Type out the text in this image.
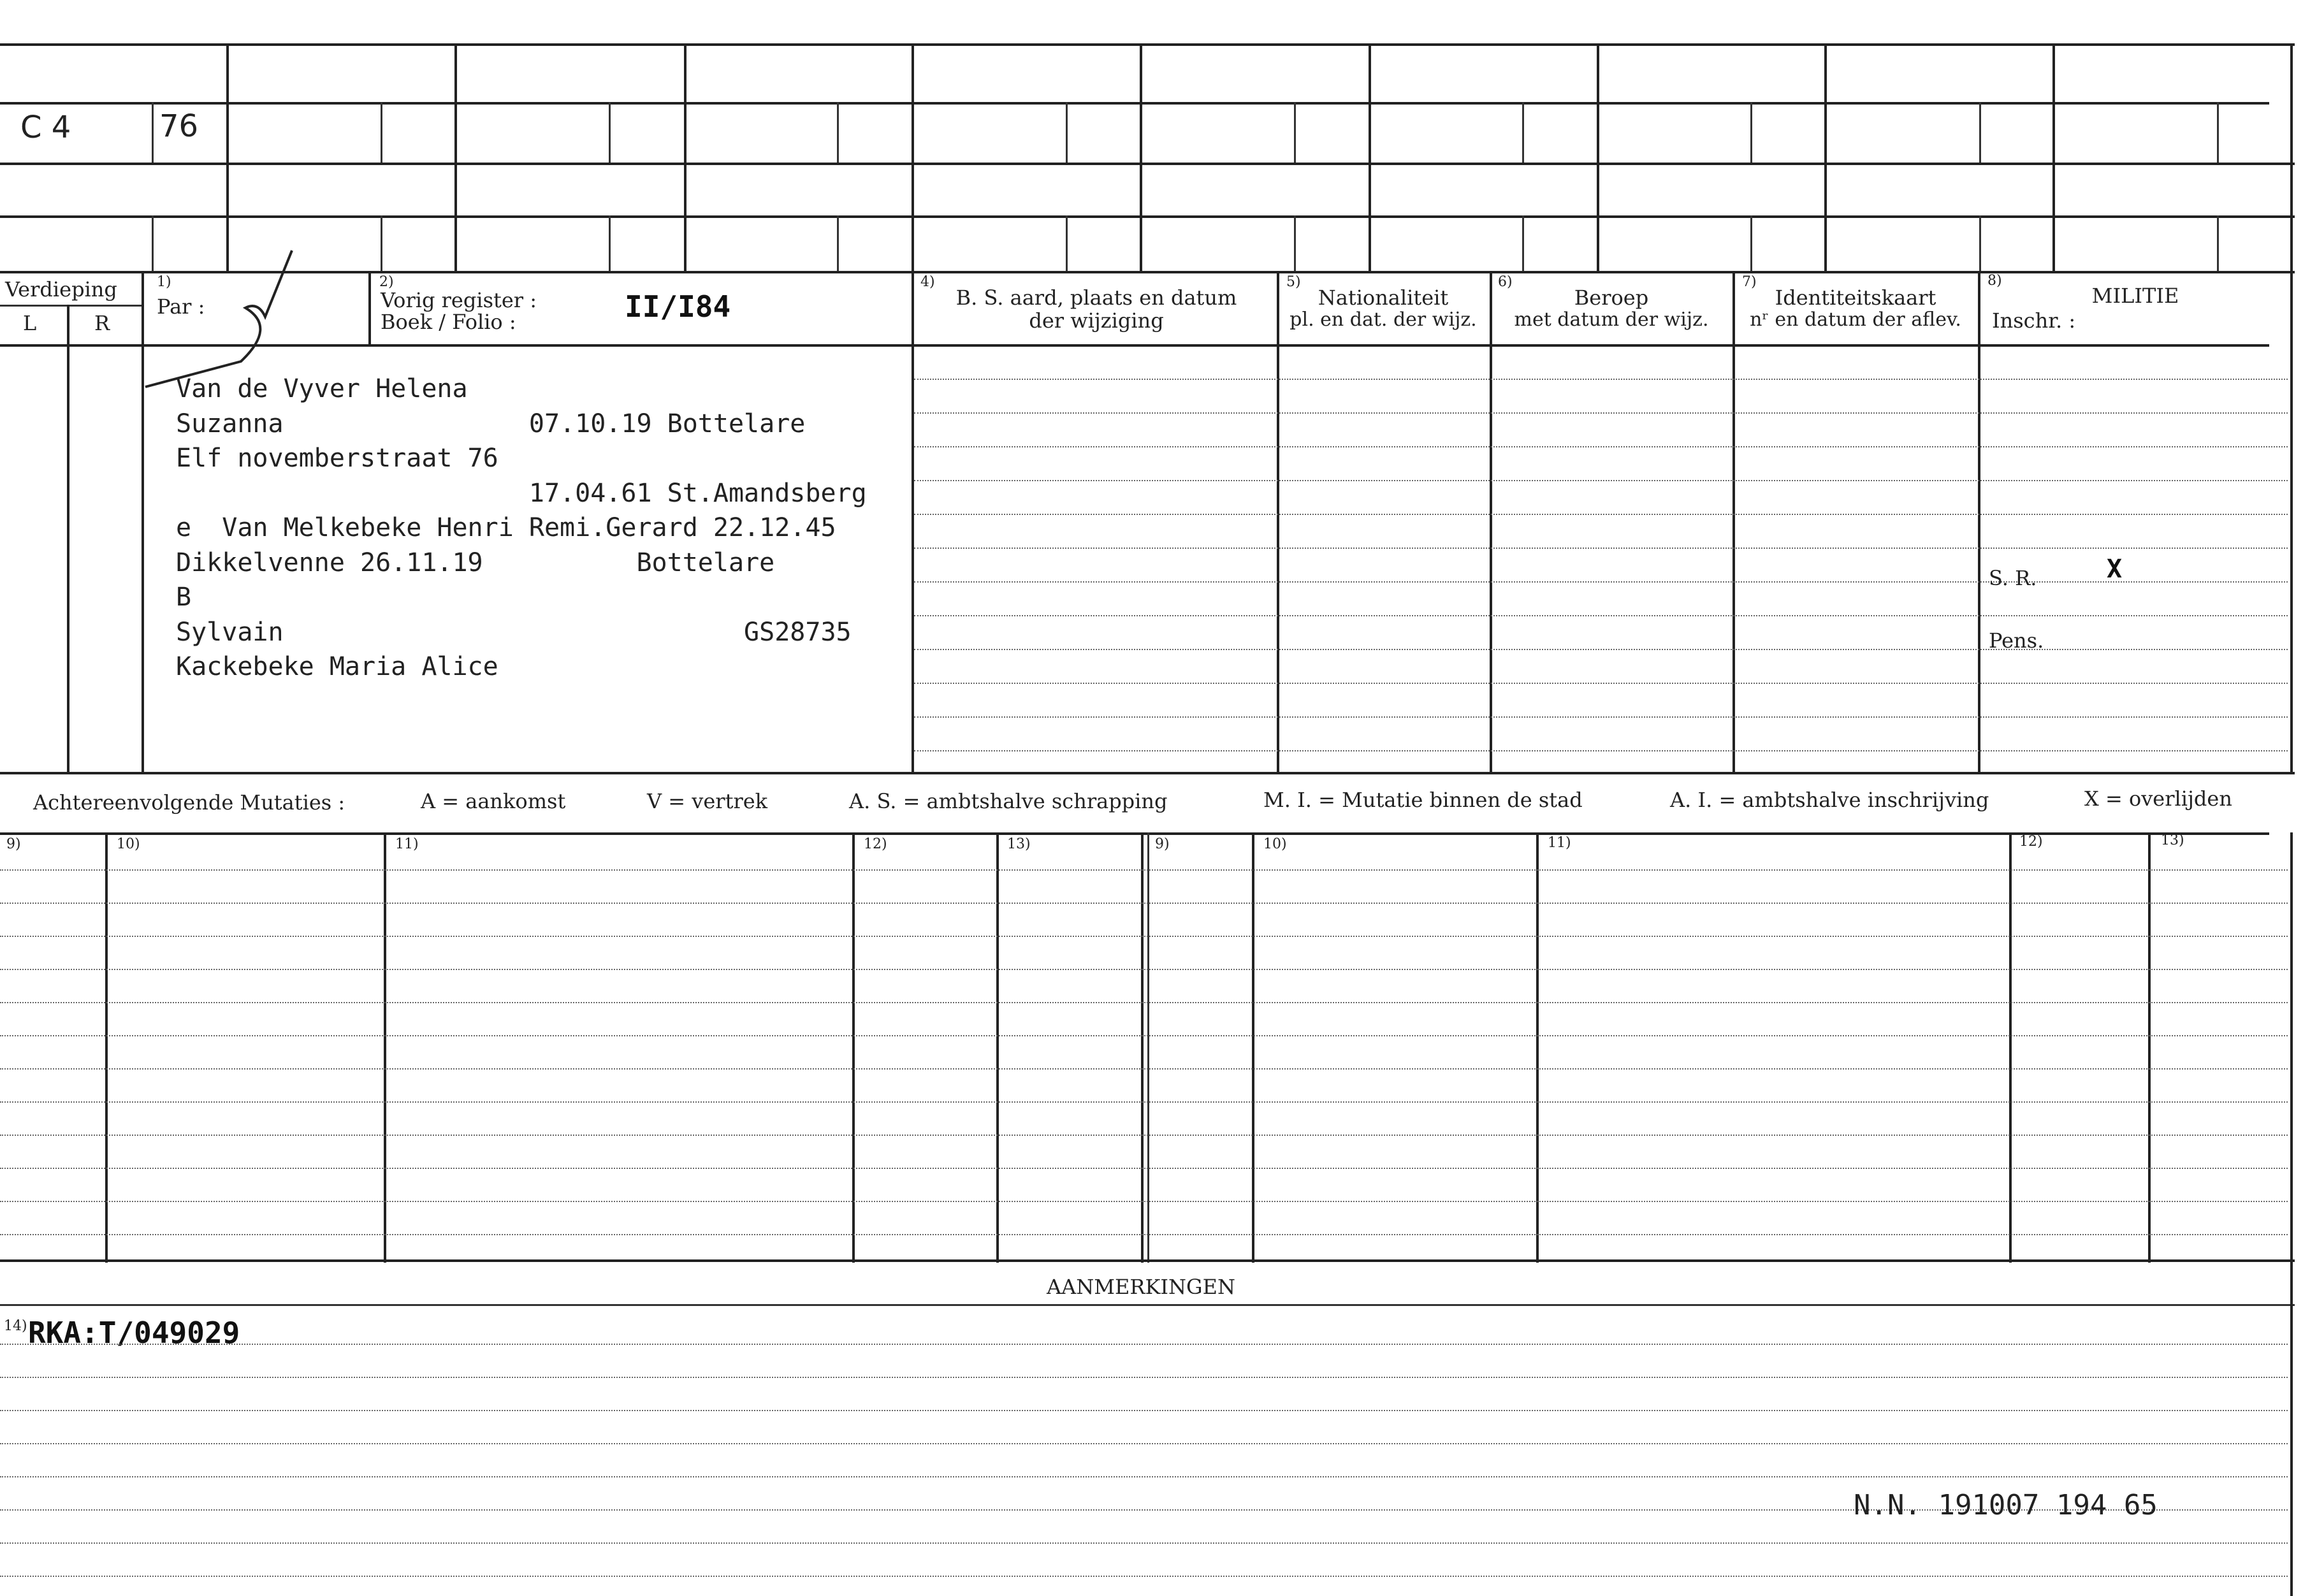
C 4	76
Verdieping
L	R
1)
Par :
2)
Vorig register :
Boek / Folio :	II/I84
4)
B. S. aard, plaats en datum
der wijziging
5)
Nationaliteit
pl. en dat. der wijz.
6)
Beroep
met datum der wijz.
7)
Identiteitskaart
nʳ en datum der aflev.
8)
MILITIE
Inschr. :
Van de Vyver Helena
Suzanna                07.10.19 Bottelare
Elf novemberstraat 76
17.04.61 St.Amandsberg
e  Van Melkebeke Henri Remi.Gerard 22.12.45
Dikkelvenne 26.11.19          Bottelare
B
Sylvain                              GS28735
Kackebeke Maria Alice
S. R.	X
Pens.
Achtereenvolgende Mutaties :	A = aankomst	V = vertrek	A. S. = ambtshalve schrapping	M. I. = Mutatie binnen de stad	A. I. = ambtshalve inschrijving	X = overlijden
9)	10)	11)	12)	13)	9)	10)	11)	12)	13)
AANMERKINGEN
14) RKA:T/049029
N.N. 191007 194 65
